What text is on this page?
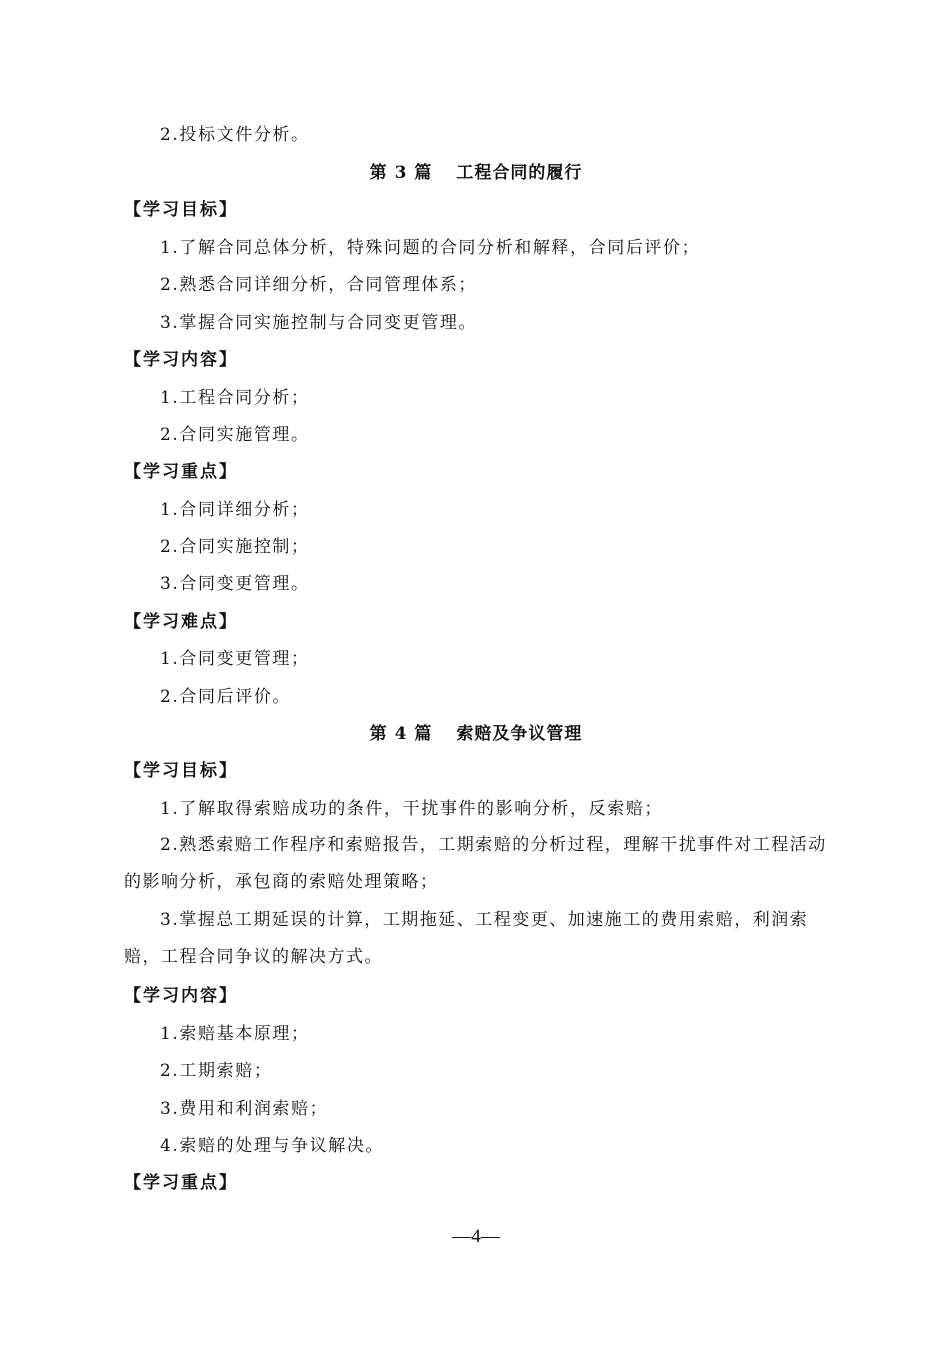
2.投标文件分析。
第 3 篇 工程合同的履行
【学习目标】
1.了解合同总体分析，特殊问题的合同分析和解释，合同后评价；
2.熟悉合同详细分析，合同管理体系；
3.掌握合同实施控制与合同变更管理。
【学习内容】
1.工程合同分析；
2.合同实施管理。
【学习重点】
1.合同详细分析；
2.合同实施控制；
3.合同变更管理。
【学习难点】
1.合同变更管理；
2.合同后评价。
第 4 篇 索赔及争议管理
【学习目标】
1.了解取得索赔成功的条件，干扰事件的影响分析，反索赔；
2.熟悉索赔工作程序和索赔报告，工期索赔的分析过程，理解干扰事件对工程活动的影响分析，承包商的索赔处理策略；
3.掌握总工期延误的计算，工期拖延、工程变更、加速施工的费用索赔，利润索赔，工程合同争议的解决方式。
【学习内容】
1.索赔基本原理；
2.工期索赔；
3.费用和利润索赔；
4.索赔的处理与争议解决。
【学习重点】
—4—
